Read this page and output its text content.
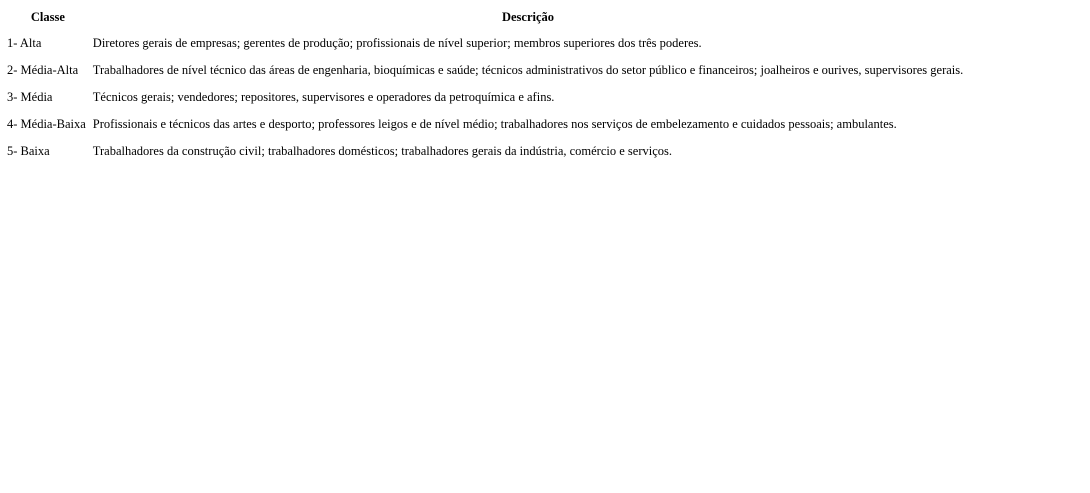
Classe	Descrição
1- Alta	Diretores gerais de empresas; gerentes de produção; profissionais de nível superior; membros superiores dos três poderes.
2- Média-Alta	Trabalhadores de nível técnico das áreas de engenharia, bioquímicas e saúde; técnicos administrativos do setor público e financeiros; joalheiros e ourives, supervisores gerais.
3- Média	Técnicos gerais; vendedores; repositores, supervisores e operadores da petroquímica e afins.
4- Média-Baixa	Profissionais e técnicos das artes e desporto; professores leigos e de nível médio; trabalhadores nos serviços de embelezamento e cuidados pessoais; ambulantes.
5- Baixa	Trabalhadores da construção civil; trabalhadores domésticos; trabalhadores gerais da indústria, comércio e serviços.
